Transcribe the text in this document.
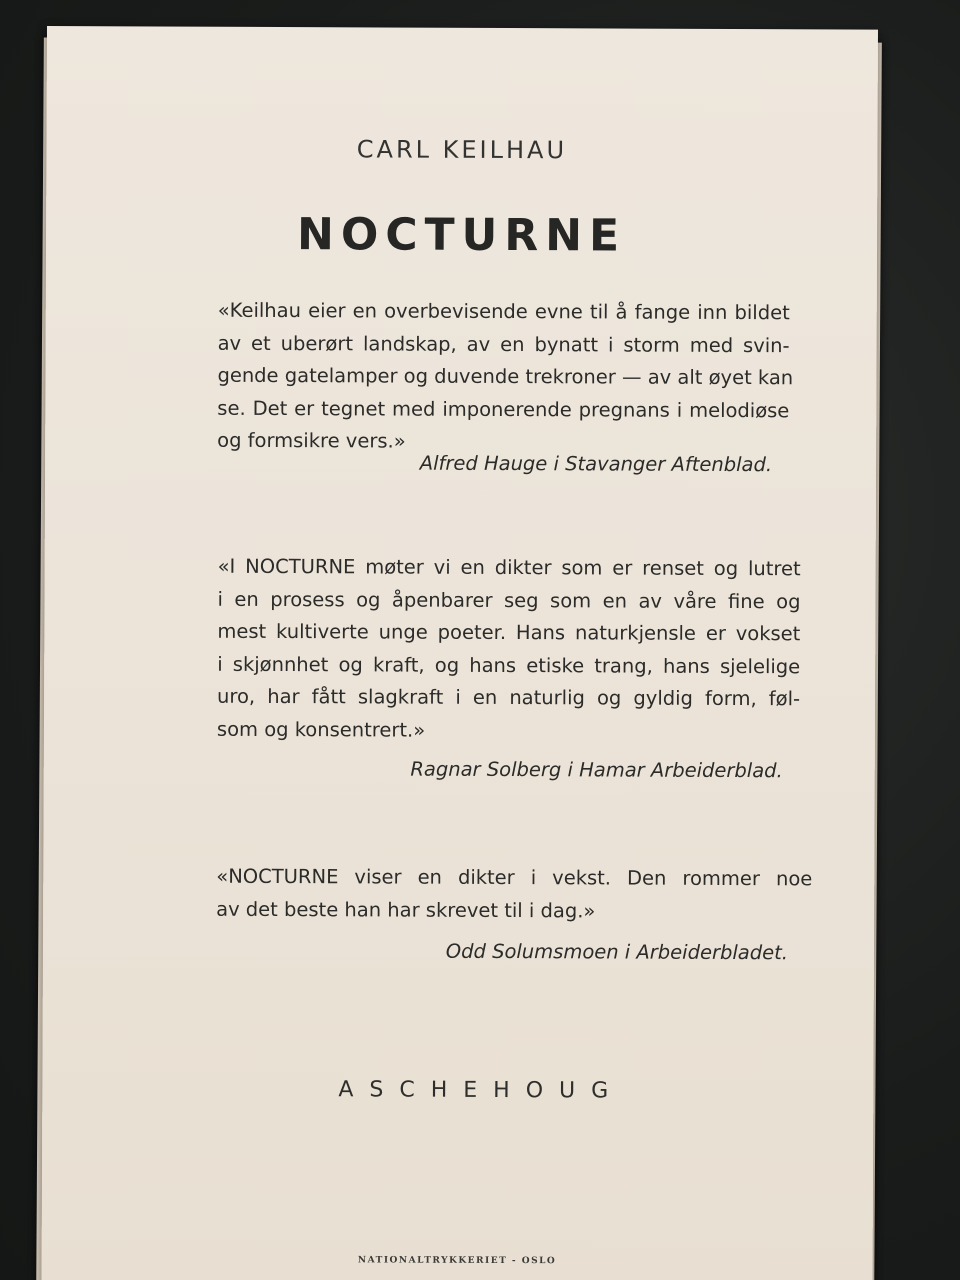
CARL KEILHAU
NOCTURNE
«Keilhau eier en overbevisende evne til å fange inn bildet
av et uberørt landskap, av en bynatt i storm med svin-
gende gatelamper og duvende trekroner — av alt øyet kan
se. Det er tegnet med imponerende pregnans i melodiøse
og formsikre vers.»
Alfred Hauge i Stavanger Aftenblad.
«I NOCTURNE møter vi en dikter som er renset og lutret
i en prosess og åpenbarer seg som en av våre fine og
mest kultiverte unge poeter. Hans naturkjensle er vokset
i skjønnhet og kraft, og hans etiske trang, hans sjelelige
uro, har fått slagkraft i en naturlig og gyldig form, føl-
som og konsentrert.»
Ragnar Solberg i Hamar Arbeiderblad.
«NOCTURNE viser en dikter i vekst. Den rommer noe
av det beste han har skrevet til i dag.»
Odd Solumsmoen i Arbeiderbladet.
ASCHEHOUG
NATIONALTRYKKERIET - OSLO
